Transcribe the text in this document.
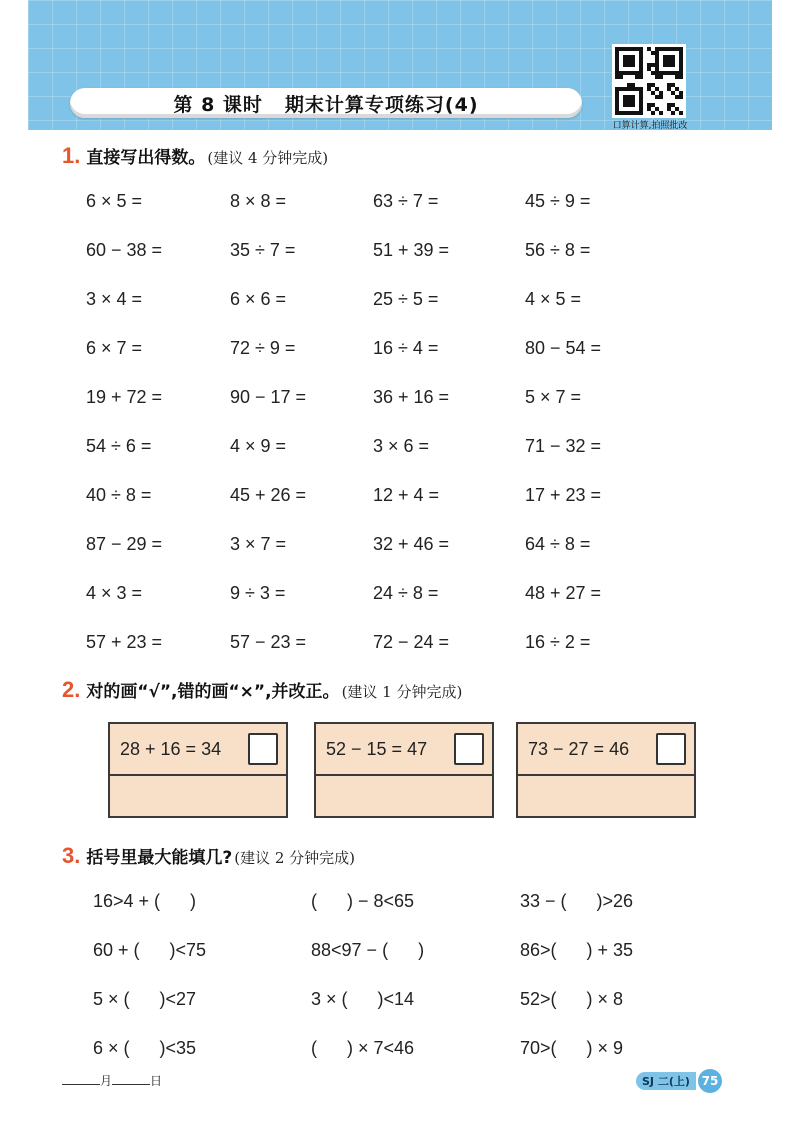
第 8 课时 期末计算专项练习(4)
口算计算,拍照批改
1. 直接写出得数。 (建议 4 分钟完成)
6 × 5 =	8 × 8 =	63 ÷ 7 =	45 ÷ 9 =
60 − 38 =	35 ÷ 7 =	51 + 39 =	56 ÷ 8 =
3 × 4 =	6 × 6 =	25 ÷ 5 =	4 × 5 =
6 × 7 =	72 ÷ 9 =	16 ÷ 4 =	80 − 54 =
19 + 72 =	90 − 17 =	36 + 16 =	5 × 7 =
54 ÷ 6 =	4 × 9 =	3 × 6 =	71 − 32 =
40 ÷ 8 =	45 + 26 =	12 + 4 =	17 + 23 =
87 − 29 =	3 × 7 =	32 + 46 =	64 ÷ 8 =
4 × 3 =	9 ÷ 3 =	24 ÷ 8 =	48 + 27 =
57 + 23 =	57 − 23 =	72 − 24 =	16 ÷ 2 =
2. 对的画“√”,错的画“×”,并改正。 (建议 1 分钟完成)
28 + 16 = 34	52 − 15 = 47	73 − 27 = 46
3. 括号里最大能填几? (建议 2 分钟完成)
16>4 + (      )	(      ) − 8<65	33 − (      )>26
60 + (      )<75	88<97 − (      )	86>(      ) + 35
5 × (      )<27	3 × (      )<14	52>(      ) × 8
6 × (      )<35	(      ) × 7<46	70>(      ) × 9
月	日	SJ 二(上) 75
